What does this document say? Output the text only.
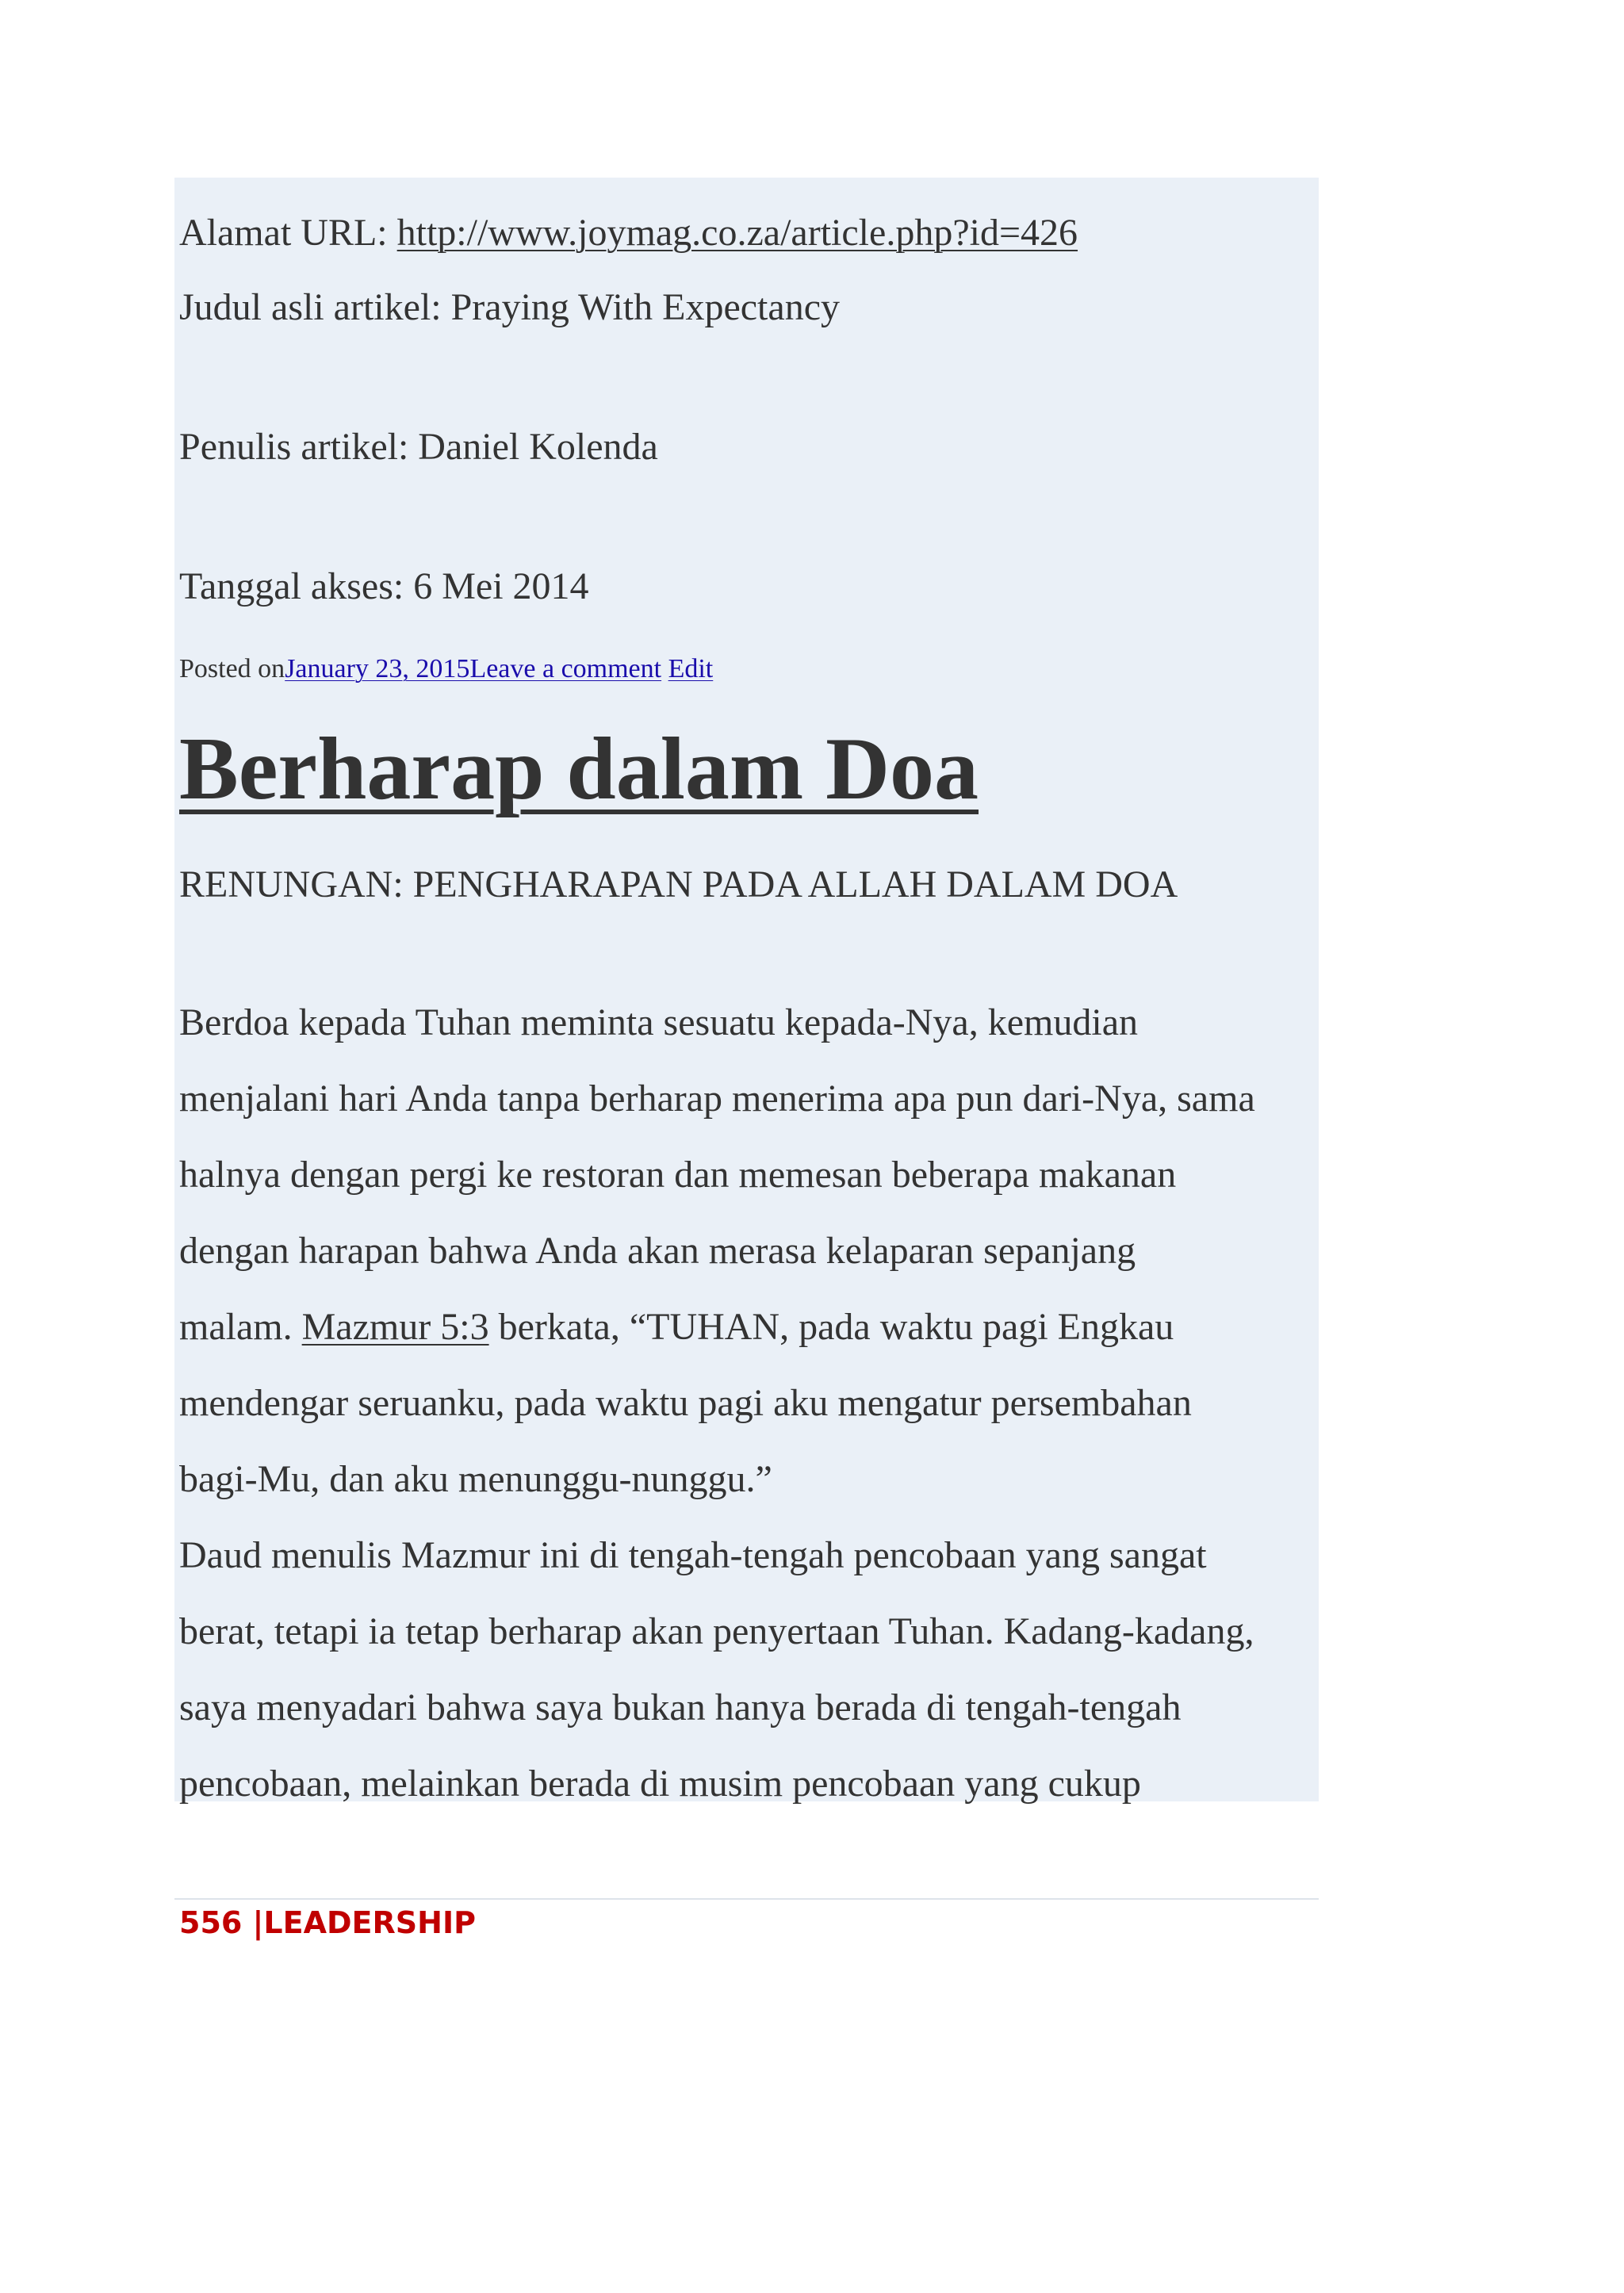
Alamat URL: http://www.joymag.co.za/article.php?id=426
Judul asli artikel: Praying With Expectancy
Penulis artikel: Daniel Kolenda
Tanggal akses: 6 Mei 2014
Posted onJanuary 23, 2015Leave a comment Edit
Berharap dalam Doa
RENUNGAN: PENGHARAPAN PADA ALLAH DALAM DOA
Berdoa kepada Tuhan meminta sesuatu kepada-Nya, kemudian
menjalani hari Anda tanpa berharap menerima apa pun dari-Nya, sama
halnya dengan pergi ke restoran dan memesan beberapa makanan
dengan harapan bahwa Anda akan merasa kelaparan sepanjang
malam. Mazmur 5:3 berkata, “TUHAN, pada waktu pagi Engkau
mendengar seruanku, pada waktu pagi aku mengatur persembahan
bagi-Mu, dan aku menunggu-nunggu.”
Daud menulis Mazmur ini di tengah-tengah pencobaan yang sangat
berat, tetapi ia tetap berharap akan penyertaan Tuhan. Kadang-kadang,
saya menyadari bahwa saya bukan hanya berada di tengah-tengah
pencobaan, melainkan berada di musim pencobaan yang cukup
556 |LEADERSHIP
